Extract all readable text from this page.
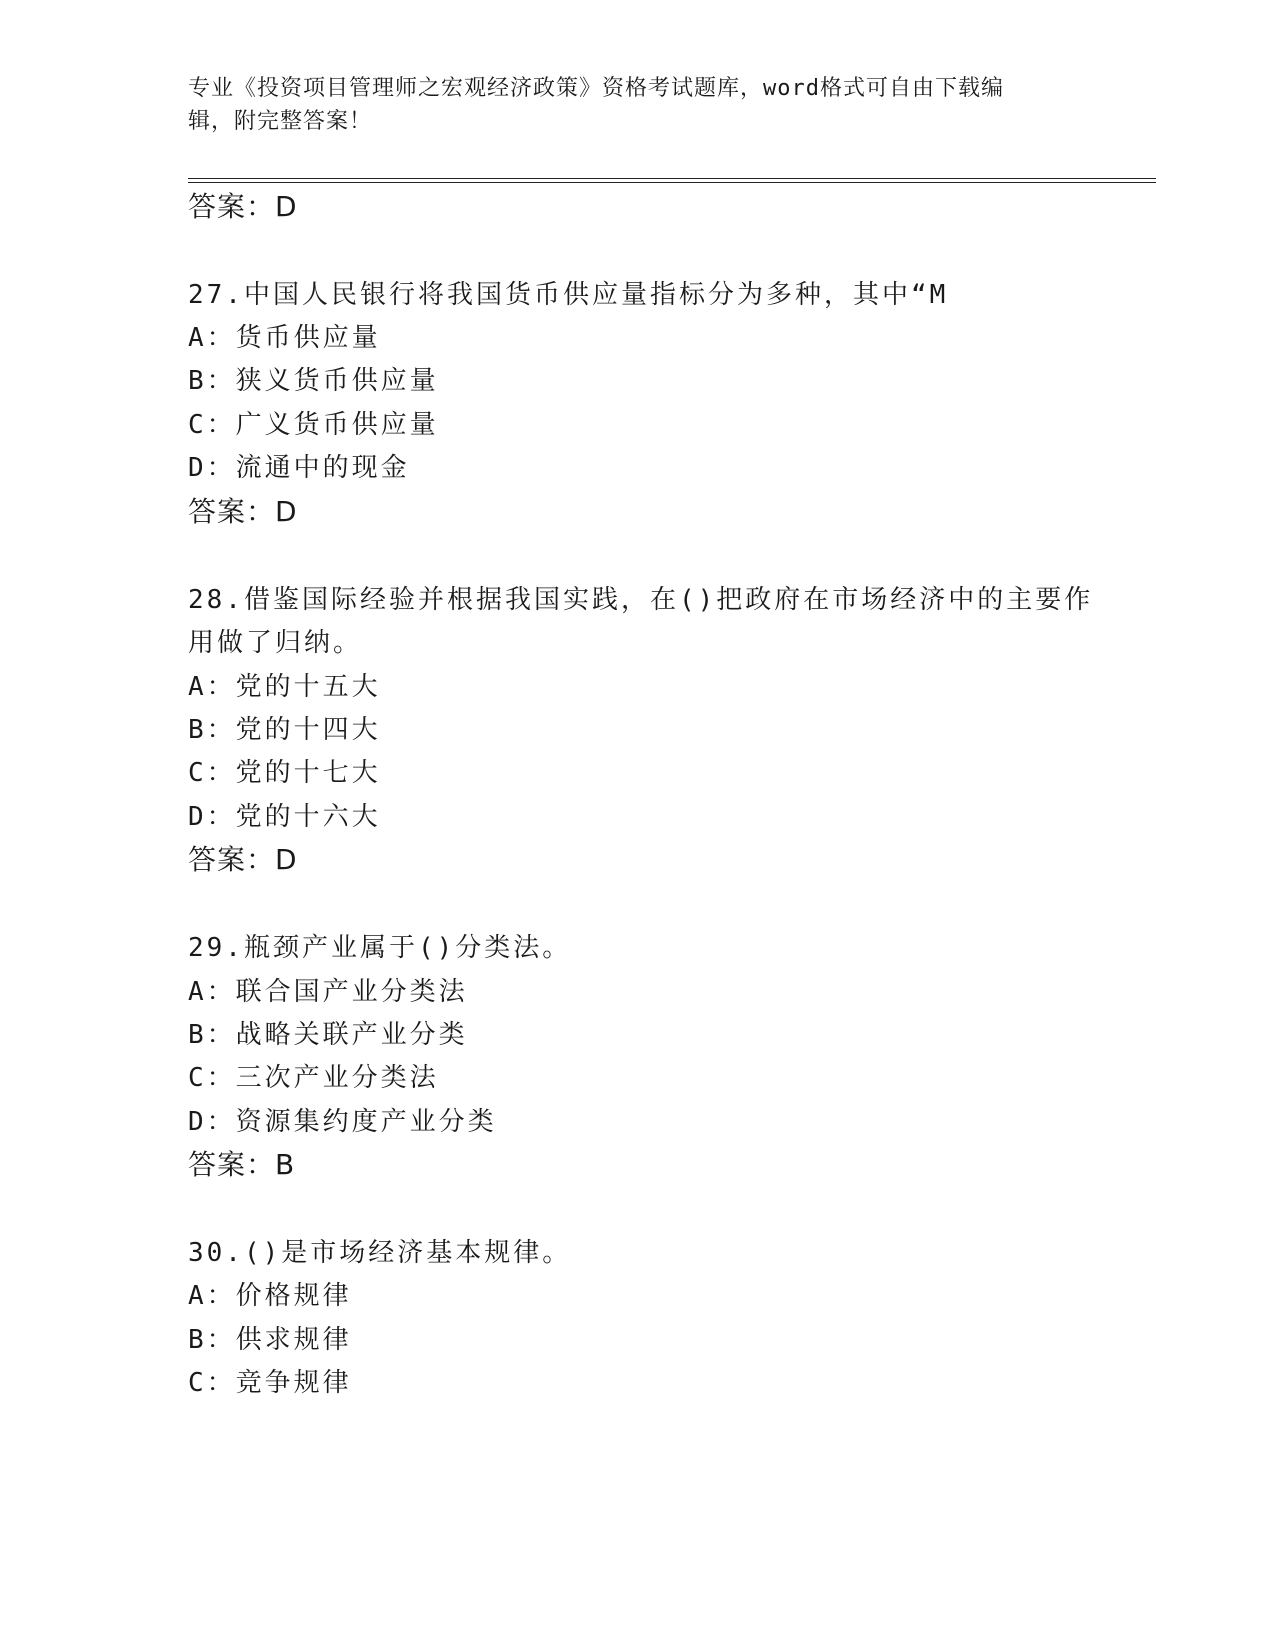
专业《投资项目管理师之宏观经济政策》资格考试题库，word格式可自由下载编
辑，附完整答案！
答案：D
27.中国人民银行将我国货币供应量指标分为多种，其中“M
A：货币供应量
B：狭义货币供应量
C：广义货币供应量
D：流通中的现金
答案：D
28.借鉴国际经验并根据我国实践，在()把政府在市场经济中的主要作
用做了归纳。
A：党的十五大
B：党的十四大
C：党的十七大
D：党的十六大
答案：D
29.瓶颈产业属于()分类法。
A：联合国产业分类法
B：战略关联产业分类
C：三次产业分类法
D：资源集约度产业分类
答案：B
30.()是市场经济基本规律。
A：价格规律
B：供求规律
C：竞争规律
